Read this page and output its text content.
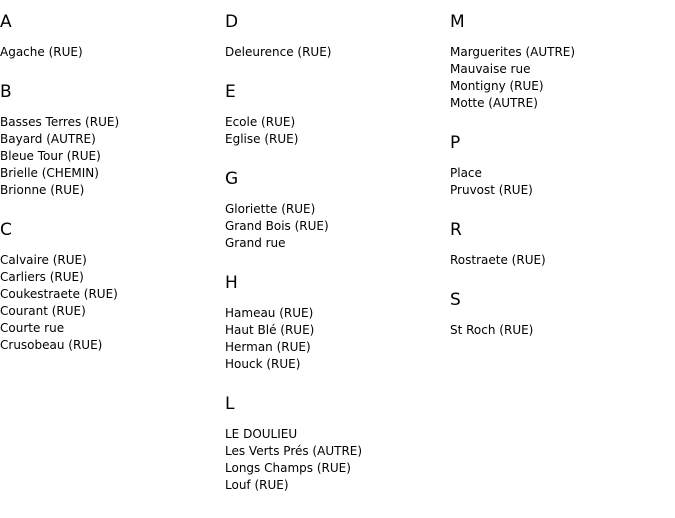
A
Agache (RUE)
B
Basses Terres (RUE)
Bayard (AUTRE)
Bleue Tour (RUE)
Brielle (CHEMIN)
Brionne (RUE)
C
Calvaire (RUE)
Carliers (RUE)
Coukestraete (RUE)
Courant (RUE)
Courte rue
Crusobeau (RUE)
D
Deleurence (RUE)
E
Ecole (RUE)
Eglise (RUE)
G
Gloriette (RUE)
Grand Bois (RUE)
Grand rue
H
Hameau (RUE)
Haut Blé (RUE)
Herman (RUE)
Houck (RUE)
L
LE DOULIEU
Les Verts Prés (AUTRE)
Longs Champs (RUE)
Louf (RUE)
M
Marguerites (AUTRE)
Mauvaise rue
Montigny (RUE)
Motte (AUTRE)
P
Place
Pruvost (RUE)
R
Rostraete (RUE)
S
St Roch (RUE)
